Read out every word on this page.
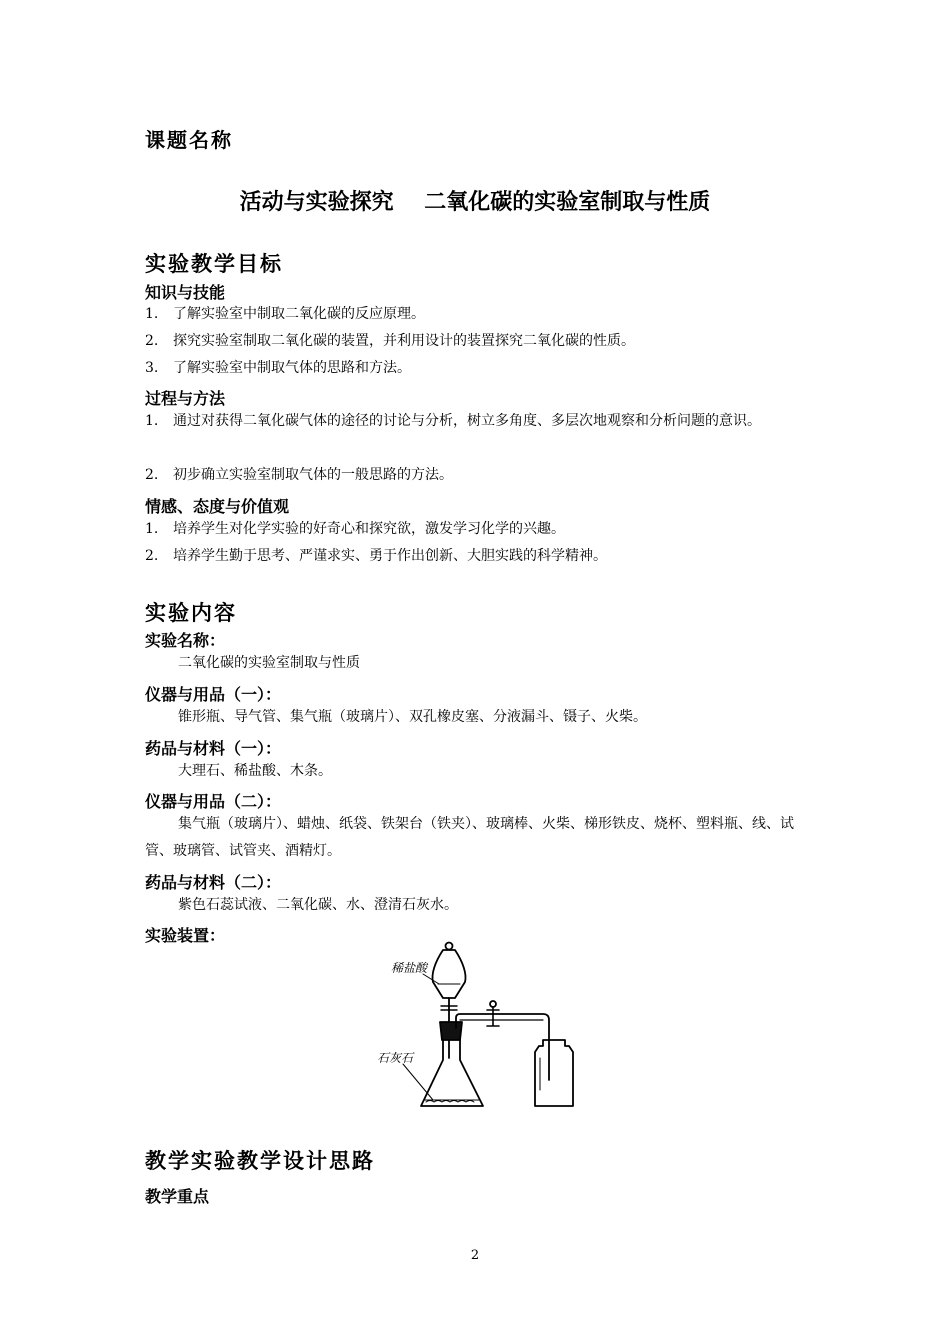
课题名称
活动与实验探究    二氧化碳的实验室制取与性质
实验教学目标
知识与技能
1.	了解实验室中制取二氧化碳的反应原理。
2.	探究实验室制取二氧化碳的装置，并利用设计的装置探究二氧化碳的性质。
3.	了解实验室中制取气体的思路和方法。
过程与方法
1.	通过对获得二氧化碳气体的途径的讨论与分析，树立多角度、多层次地观察和分析问题的意识。
2.	初步确立实验室制取气体的一般思路的方法。
情感、态度与价值观
1.	培养学生对化学实验的好奇心和探究欲，激发学习化学的兴趣。
2.	培养学生勤于思考、严谨求实、勇于作出创新、大胆实践的科学精神。
实验内容
实验名称：
二氧化碳的实验室制取与性质
仪器与用品（一）：
锥形瓶、导气管、集气瓶（玻璃片）、双孔橡皮塞、分液漏斗、镊子、火柴。
药品与材料（一）：
大理石、稀盐酸、木条。
仪器与用品（二）：
集气瓶（玻璃片）、蜡烛、纸袋、铁架台（铁夹）、玻璃棒、火柴、梯形铁皮、烧杯、塑料瓶、线、试管、玻璃管、试管夹、酒精灯。
药品与材料（二）：
紫色石蕊试液、二氧化碳、水、澄清石灰水。
实验装置：
稀盐酸
石灰石
教学实验教学设计思路
教学重点
2
